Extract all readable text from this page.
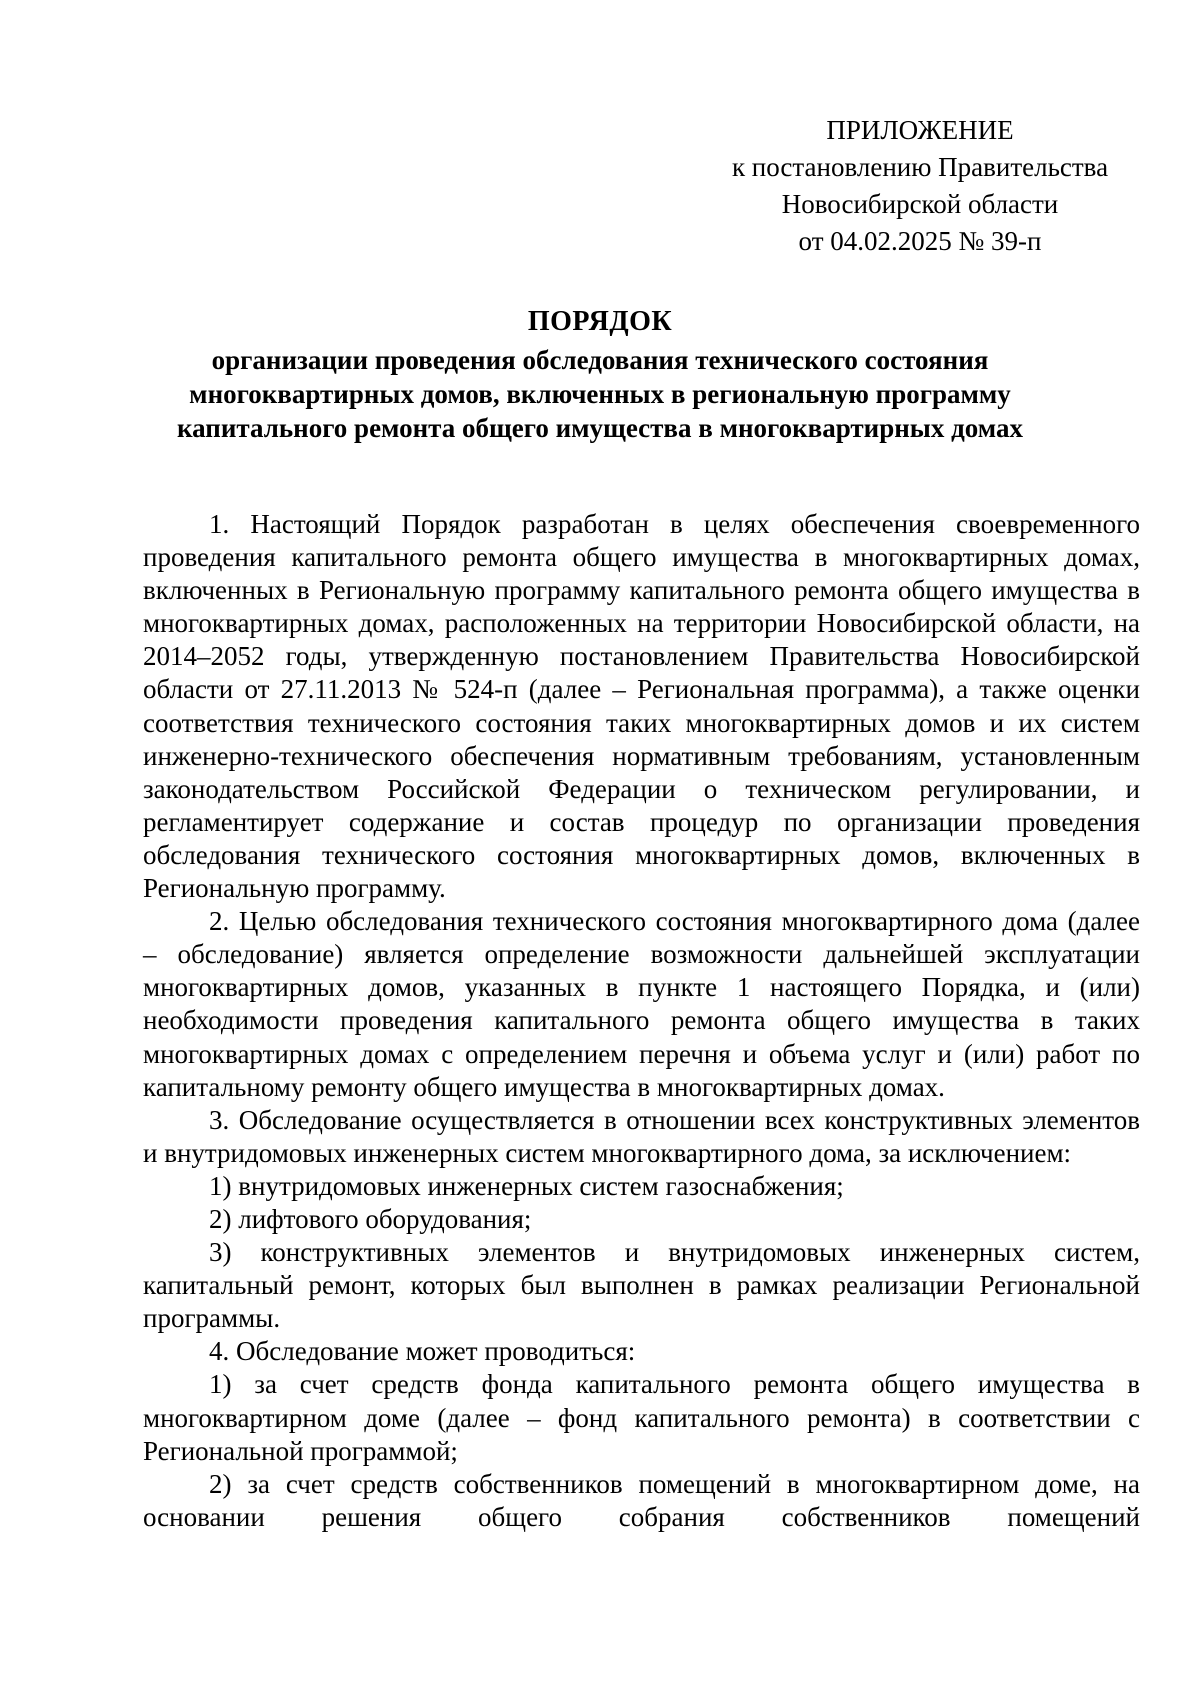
ПРИЛОЖЕНИЕ
к постановлению Правительства
Новосибирской области
от 04.02.2025 № 39-п
ПОРЯДОК
организации проведения обследования технического состояния многоквартирных домов, включенных в региональную программу капитального ремонта общего имущества в многоквартирных домах

1. Настоящий Порядок разработан в целях обеспечения своевременного проведения капитального ремонта общего имущества в многоквартирных домах, включенных в Региональную программу капитального ремонта общего имущества в многоквартирных домах, расположенных на территории Новосибирской области, на 2014–2052 годы, утвержденную постановлением Правительства Новосибирской области от 27.11.2013 № 524-п (далее – Региональная программа), а также оценки соответствия технического состояния таких многоквартирных домов и их систем инженерно-технического обеспечения нормативным требованиям, установленным законодательством Российской Федерации о техническом регулировании, и регламентирует содержание и состав процедур по организации проведения обследования технического состояния многоквартирных домов, включенных в Региональную программу.

2. Целью обследования технического состояния многоквартирного дома (далее – обследование) является определение возможности дальнейшей эксплуатации многоквартирных домов, указанных в пункте 1 настоящего Порядка, и (или) необходимости проведения капитального ремонта общего имущества в таких многоквартирных домах с определением перечня и объема услуг и (или) работ по капитальному ремонту общего имущества в многоквартирных домах.

3. Обследование осуществляется в отношении всех конструктивных элементов и внутридомовых инженерных систем многоквартирного дома, за исключением:

1) внутридомовых инженерных систем газоснабжения;

2) лифтового оборудования;

3) конструктивных элементов и внутридомовых инженерных систем, капитальный ремонт, которых был выполнен в рамках реализации Региональной программы.

4. Обследование может проводиться:

1) за счет средств фонда капитального ремонта общего имущества в многоквартирном доме (далее – фонд капитального ремонта) в соответствии с Региональной программой;

2) за счет средств собственников помещений в многоквартирном доме, на основании решения общего собрания собственников помещений
